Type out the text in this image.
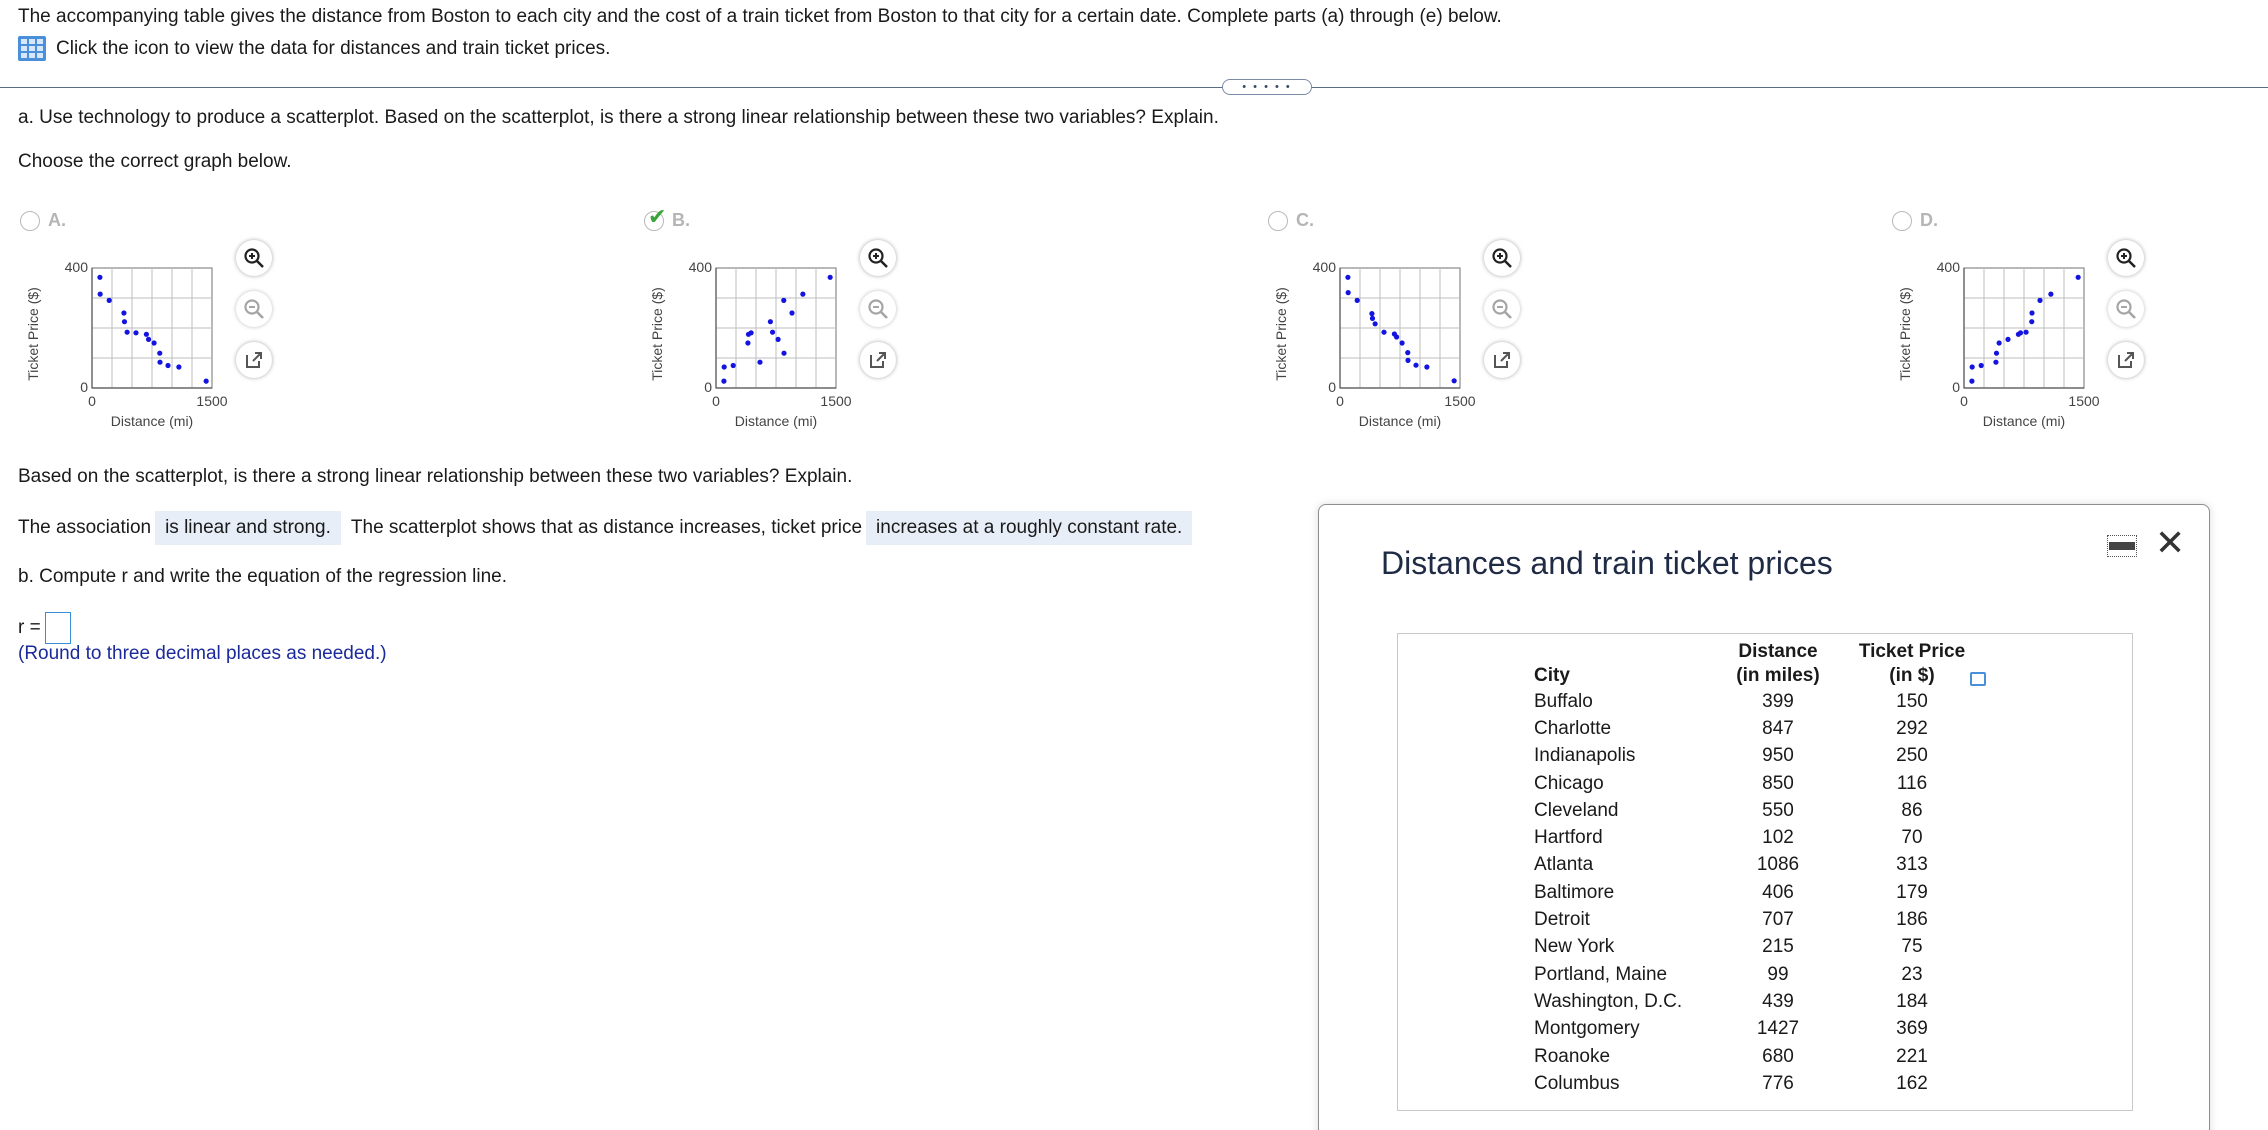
The accompanying table gives the distance from Boston to each city and the cost of a train ticket from Boston to that city for a certain date. Complete parts (a) through (e) below.
Click the icon to view the data for distances and train ticket prices.
• • • • •
a. Use technology to produce a scatterplot. Based on the scatterplot, is there a strong linear relationship between these two variables? Explain.
Choose the correct graph below.
A.
400
0
0	1500
Distance (mi)
Ticket Price ($)
✔ B.
400
0
0	1500
Distance (mi)
Ticket Price ($)
C.
400
0
0	1500
Distance (mi)
Ticket Price ($)
D.
400
0
0	1500
Distance (mi)
Ticket Price ($)
Based on the scatterplot, is there a strong linear relationship between these two variables? Explain.
The association is linear and strong.	The scatterplot shows that as distance increases, ticket price increases at a roughly constant rate.
b. Compute r and write the equation of the regression line.
r =
(Round to three decimal places as needed.)
Distances and train ticket prices	✕
City	Distance	Ticket Price
	(in miles)	(in $)
Buffalo	399	150
Charlotte	847	292
Indianapolis	950	250
Chicago	850	116
Cleveland	550	86
Hartford	102	70
Atlanta	1086	313
Baltimore	406	179
Detroit	707	186
New York	215	75
Portland, Maine	99	23
Washington, D.C.	439	184
Montgomery	1427	369
Roanoke	680	221
Columbus	776	162
